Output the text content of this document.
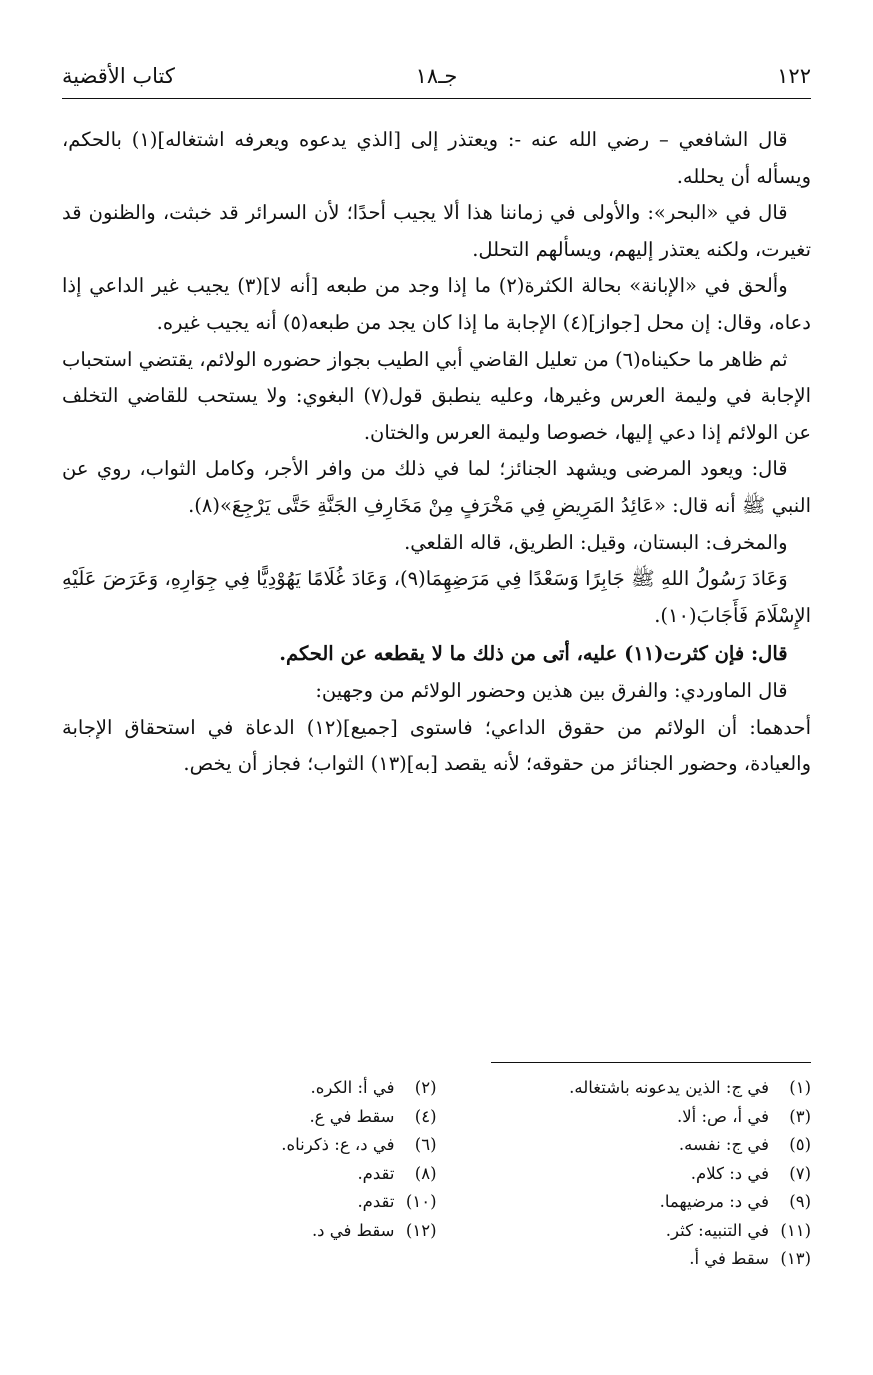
١٢٢
جـ١٨
كتاب الأقضية

قال الشافعي – رضي الله عنه -: ويعتذر إلى [الذي يدعوه ويعرفه اشتغاله](١) بالحكم، ويسأله أن يحلله.

قال في «البحر»: والأولى في زماننا هذا ألا يجيب أحدًا؛ لأن السرائر قد خبثت، والظنون قد تغيرت، ولكنه يعتذر إليهم، ويسألهم التحلل.

وألحق في «الإبانة» بحالة الكثرة(٢) ما إذا وجد من طبعه [أنه لا](٣) يجيب غير الداعي إذا دعاه، وقال: إن محل [جواز](٤) الإجابة ما إذا كان يجد من طبعه(٥) أنه يجيب غيره.

ثم ظاهر ما حكيناه(٦) من تعليل القاضي أبي الطيب بجواز حضوره الولائم، يقتضي استحباب الإجابة في وليمة العرس وغيرها، وعليه ينطبق قول(٧) البغوي: ولا يستحب للقاضي التخلف عن الولائم إذا دعي إليها، خصوصا وليمة العرس والختان.

قال: ويعود المرضى ويشهد الجنائز؛ لما في ذلك من وافر الأجر، وكامل الثواب، روي عن النبي ﷺ أنه قال: «عَائِدُ المَرِيضِ فِي مَخْرَفٍ مِنْ مَخَارِفِ الجَنَّةِ حَتَّى يَرْجِعَ»(٨).

والمخرف: البستان، وقيل: الطريق، قاله القلعي.

وَعَادَ رَسُولُ اللهِ ﷺ جَابِرًا وَسَعْدًا فِي مَرَضِهِمَا(٩)، وَعَادَ غُلَامًا يَهُوْدِيًّا فِي جِوَارِهِ، وَعَرَضَ عَلَيْهِ الإِسْلَامَ فَأَجَابَ(١٠).

قال: فإن كثرت(١١) عليه، أتى من ذلك ما لا يقطعه عن الحكم.

قال الماوردي: والفرق بين هذين وحضور الولائم من وجهين:

أحدهما: أن الولائم من حقوق الداعي؛ فاستوى [جميع](١٢) الدعاة في استحقاق الإجابة والعيادة، وحضور الجنائز من حقوقه؛ لأنه يقصد [به](١٣) الثواب؛ فجاز أن يخص.

(١)في ج: الذين يدعونه باشتغاله.
(٣)في أ، ص: ألا.
(٥)في ج: نفسه.
(٧)في د: كلام.
(٩)في د: مرضيهما.
(١١)في التنبيه: كثر.
(١٣)سقط في أ.
(٢)في أ: الكره.
(٤)سقط في ع.
(٦)في د، ع: ذكرناه.
(٨)تقدم.
(١٠)تقدم.
(١٢)سقط في د.
